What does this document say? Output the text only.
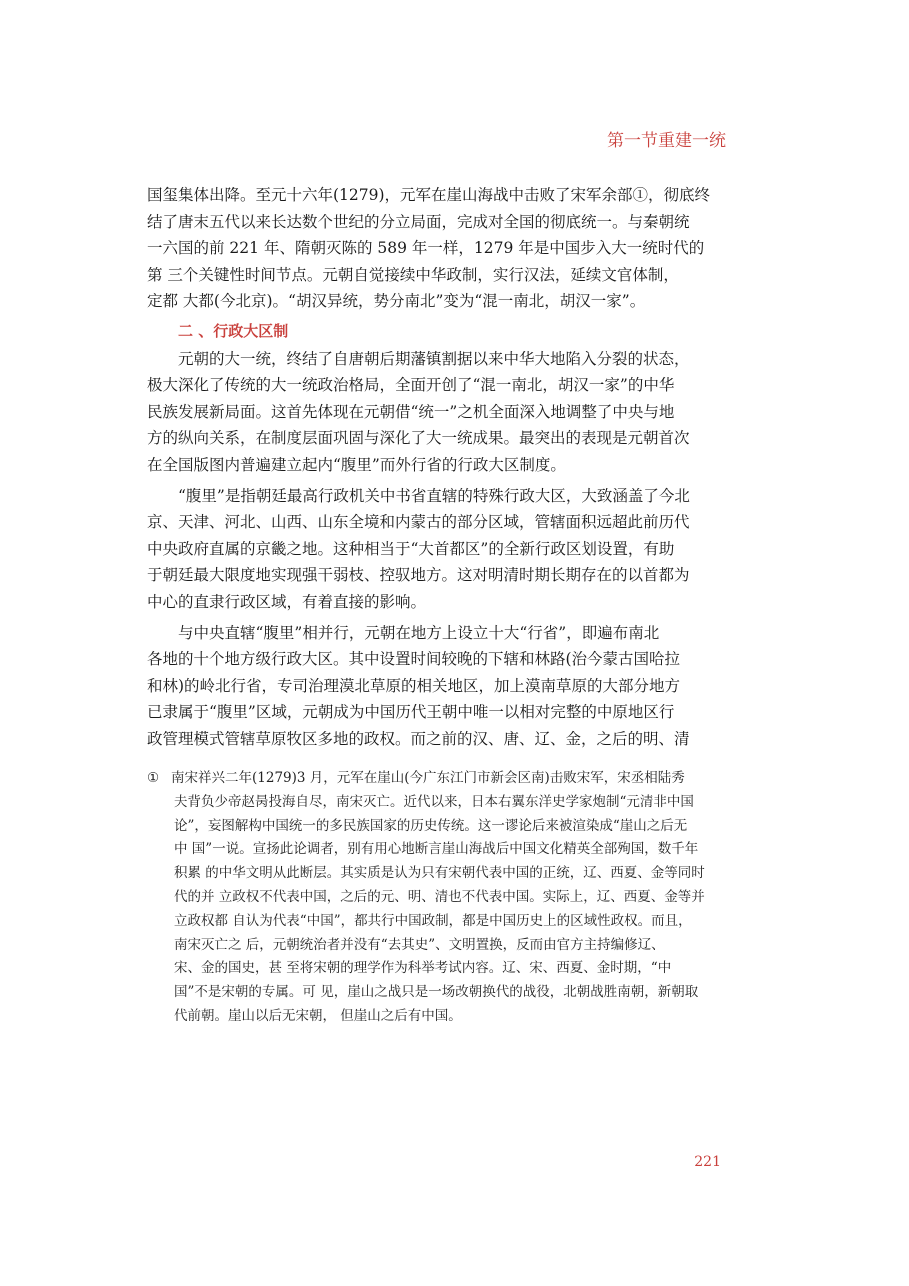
第一节重建一统
国玺集体出降。至元十六年(1279)，元军在崖山海战中击败了宋军余部①，彻底终
结了唐末五代以来长达数个世纪的分立局面，完成对全国的彻底统一。与秦朝统
一六国的前 221 年、隋朝灭陈的 589 年一样，1279 年是中国步入大一统时代的
第 三个关键性时间节点。元朝自觉接续中华政制，实行汉法，延续文官体制，
定都 大都(今北京)。“胡汉异统，势分南北”变为“混一南北，胡汉一家”。
二 、行政大区制
元朝的大一统，终结了自唐朝后期藩镇割据以来中华大地陷入分裂的状态，
极大深化了传统的大一统政治格局，全面开创了“混一南北，胡汉一家”的中华
民族发展新局面。这首先体现在元朝借“统一”之机全面深入地调整了中央与地
方的纵向关系，在制度层面巩固与深化了大一统成果。最突出的表现是元朝首次
在全国版图内普遍建立起内“腹里”而外行省的行政大区制度。
“腹里”是指朝廷最高行政机关中书省直辖的特殊行政大区，大致涵盖了今北
京、天津、河北、山西、山东全境和内蒙古的部分区域，管辖面积远超此前历代
中央政府直属的京畿之地。这种相当于“大首都区”的全新行政区划设置，有助
于朝廷最大限度地实现强干弱枝、控驭地方。这对明清时期长期存在的以首都为
中心的直隶行政区域，有着直接的影响。
与中央直辖“腹里”相并行，元朝在地方上设立十大“行省”，即遍布南北
各地的十个地方级行政大区。其中设置时间较晚的下辖和林路(治今蒙古国哈拉
和林)的岭北行省，专司治理漠北草原的相关地区，加上漠南草原的大部分地方
已隶属于“腹里”区域，元朝成为中国历代王朝中唯一以相对完整的中原地区行
政管理模式管辖草原牧区多地的政权。而之前的汉、唐、辽、金，之后的明、清
① 南宋祥兴二年(1279)3 月，元军在崖山(今广东江门市新会区南)击败宋军，宋丞相陆秀
夫背负少帝赵昺投海自尽，南宋灭亡。近代以来，日本右翼东洋史学家炮制“元清非中国
论”，妄图解构中国统一的多民族国家的历史传统。这一谬论后来被渲染成“崖山之后无
中 国”一说。宣扬此论调者，别有用心地断言崖山海战后中国文化精英全部殉国，数千年
积累 的中华文明从此断层。其实质是认为只有宋朝代表中国的正统，辽、西夏、金等同时
代的并 立政权不代表中国，之后的元、明、清也不代表中国。实际上，辽、西夏、金等并
立政权都 自认为代表“中国”，都共行中国政制，都是中国历史上的区域性政权。而且，
南宋灭亡之 后，元朝统治者并没有“去其史”、文明置换，反而由官方主持编修辽、
宋、金的国史，甚 至将宋朝的理学作为科举考试内容。辽、宋、西夏、金时期，“中
国”不是宋朝的专属。可 见，崖山之战只是一场改朝换代的战役，北朝战胜南朝，新朝取
代前朝。崖山以后无宋朝， 但崖山之后有中国。
221
